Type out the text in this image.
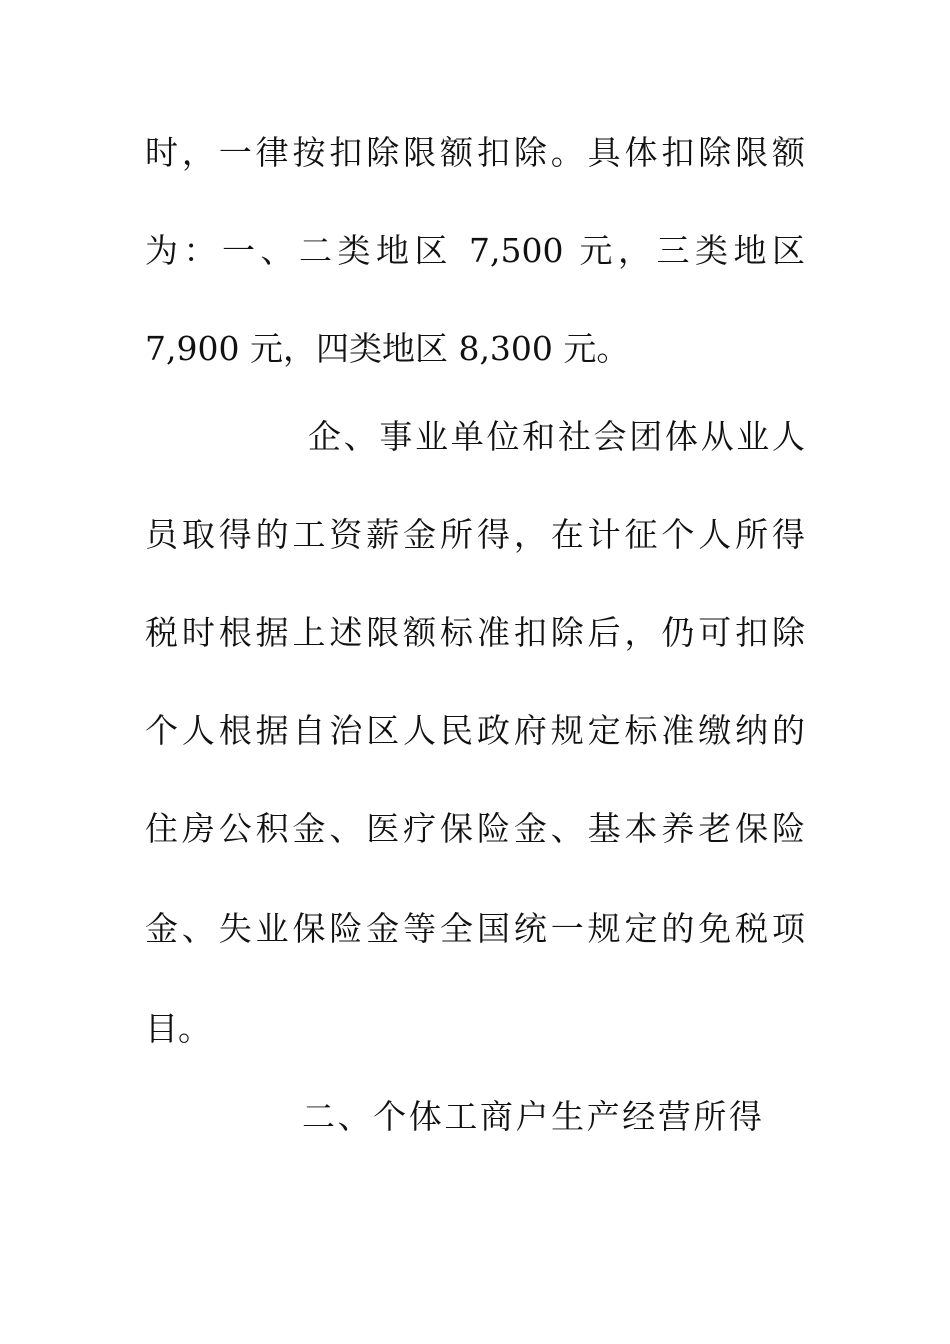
时，一律按扣除限额扣除。具体扣除限额
为：一、二类地区 7,500 元，三类地区
7,900 元，四类地区 8,300 元。
企、事业单位和社会团体从业人
员取得的工资薪金所得，在计征个人所得
税时根据上述限额标准扣除后，仍可扣除
个人根据自治区人民政府规定标准缴纳的
住房公积金、医疗保险金、基本养老保险
金、失业保险金等全国统一规定的免税项
目。
二、个体工商户生产经营所得
